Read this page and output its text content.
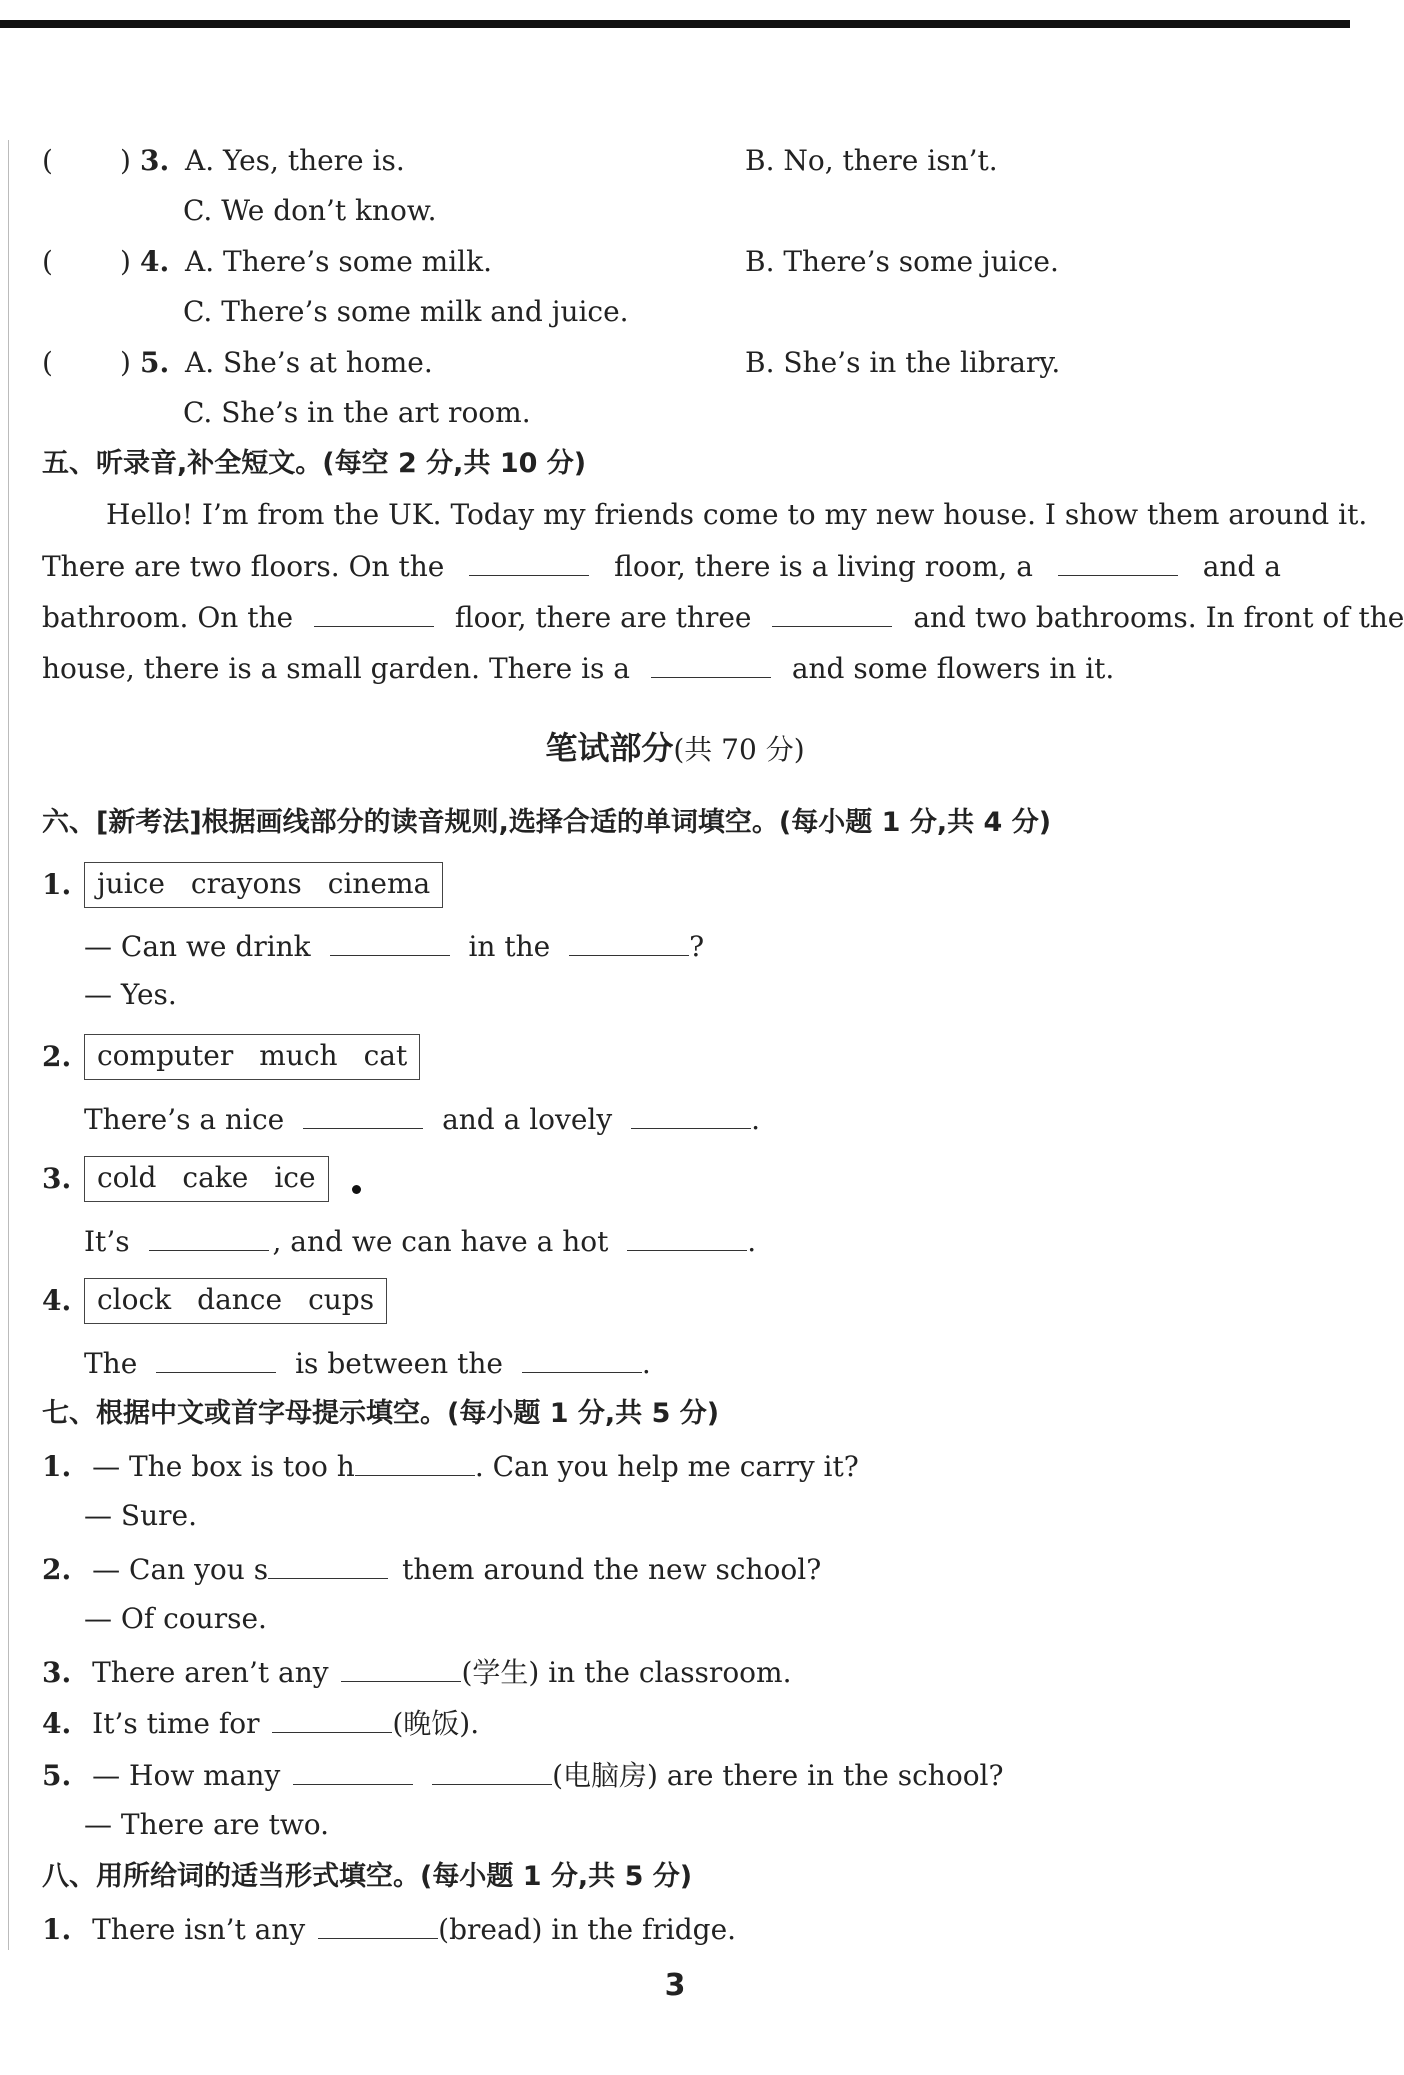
( ) 3. A. Yes, there is.	B. No, there isn’t.
C. We don’t know.
( ) 4. A. There’s some milk.	B. There’s some juice.
C. There’s some milk and juice.
( ) 5. A. She’s at home.	B. She’s in the library.
C. She’s in the art room.
五、听录音,补全短文。(每空 2 分,共 10 分)
Hello! I’m from the UK. Today my friends come to my new house. I show them around it.
There are two floors. On the	floor, there is a living room, a	and a
bathroom. On the	floor, there are three	and two bathrooms. In front of the
house, there is a small garden. There is a	and some flowers in it.
笔试部分(共 70 分)
六、[新考法]根据画线部分的读音规则,选择合适的单词填空。(每小题 1 分,共 4 分)
1. juice crayons cinema
— Can we drink	in the	?
— Yes.
2. computer much cat
There’s a nice	and a lovely	.
3. cold cake ice
It’s	, and we can have a hot	.
4. clock dance cups
The	is between the	.
七、根据中文或首字母提示填空。(每小题 1 分,共 5 分)
1. — The box is too h	. Can you help me carry it?
— Sure.
2. — Can you s	them around the new school?
— Of course.
3. There aren’t any	(学生) in the classroom.
4. It’s time for	(晚饭).
5. — How many	(电脑房) are there in the school?
— There are two.
八、用所给词的适当形式填空。(每小题 1 分,共 5 分)
1. There isn’t any	(bread) in the fridge.
3
